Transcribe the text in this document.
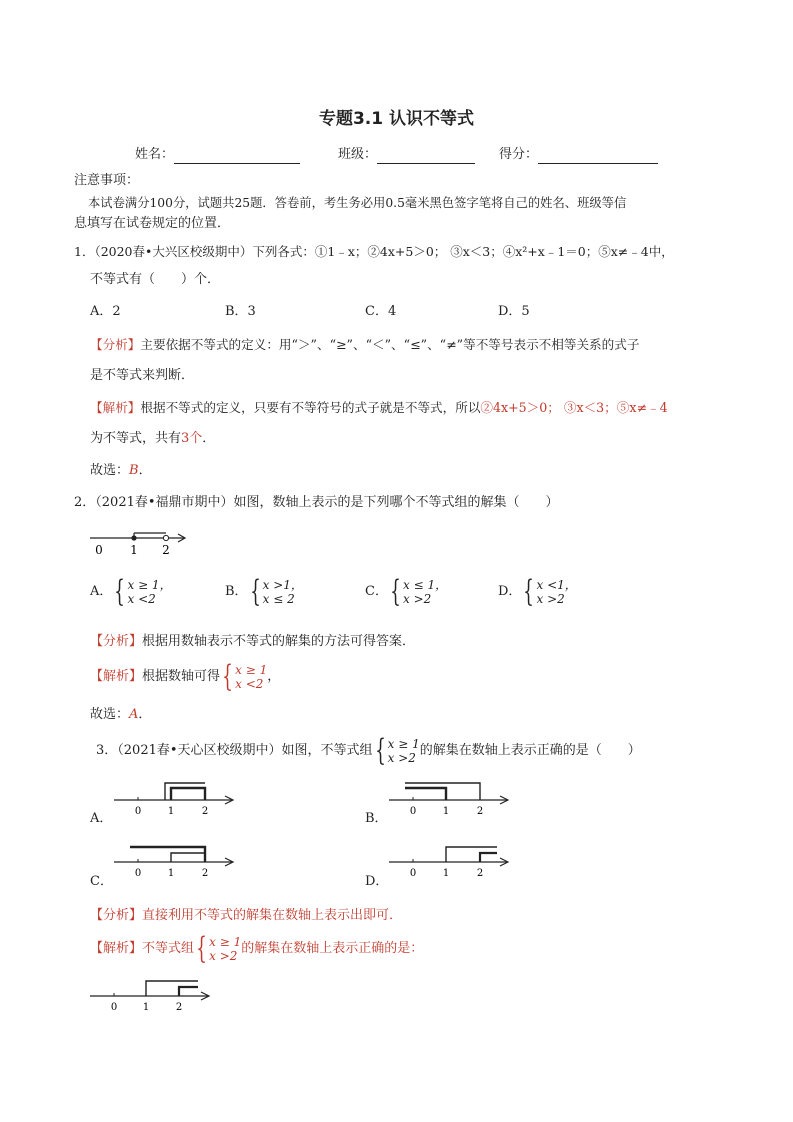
专题3.1 认识不等式
姓名：	班级：	得分：
注意事项：
本试卷满分100分，试题共25题．答卷前，考生务必用0.5毫米黑色签字笔将自己的姓名、班级等信
息填写在试卷规定的位置．
1．（2020春•大兴区校级期中）下列各式：①1﹣x；②4x+5＞0； ③x＜3；④x²+x﹣1＝0；⑤x≠﹣4中，
不等式有（　　）个．
A．2	B．3	C．4	D．5
【分析】主要依据不等式的定义：用“＞”、“≥”、“＜”、“≤”、“≠”等不等号表示不相等关系的式子
是不等式来判断．
【解析】根据不等式的定义，只要有不等符号的式子就是不等式，所以②4x+5＞0； ③x＜3；⑤x≠﹣4
为不等式，共有3个．
故选：B．
2．（2021春•福鼎市期中）如图，数轴上表示的是下列哪个不等式组的解集（　　）
0 1 2
A．{ x ≥ 1，
x <2	B．{ x >1，
x ≤ 2	C．{ x ≤ 1，
x >2	D．{ x <1，
x >2
【分析】根据用数轴表示不等式的解集的方法可得答案．
【解析】根据数轴可得{ x ≥ 1
x <2 ，
故选：A．
3．（2021春•天心区校级期中）如图，不等式组{ x ≥ 1
x >2 的解集在数轴上表示正确的是（　　）
A． 0	1	2	B． 0	1	2
C．
0	1	2
D．
0	1	2
【分析】直接利用不等式的解集在数轴上表示出即可．
【解析】不等式组{ x ≥ 1
x >2 的解集在数轴上表示正确的是：
0	1	2
